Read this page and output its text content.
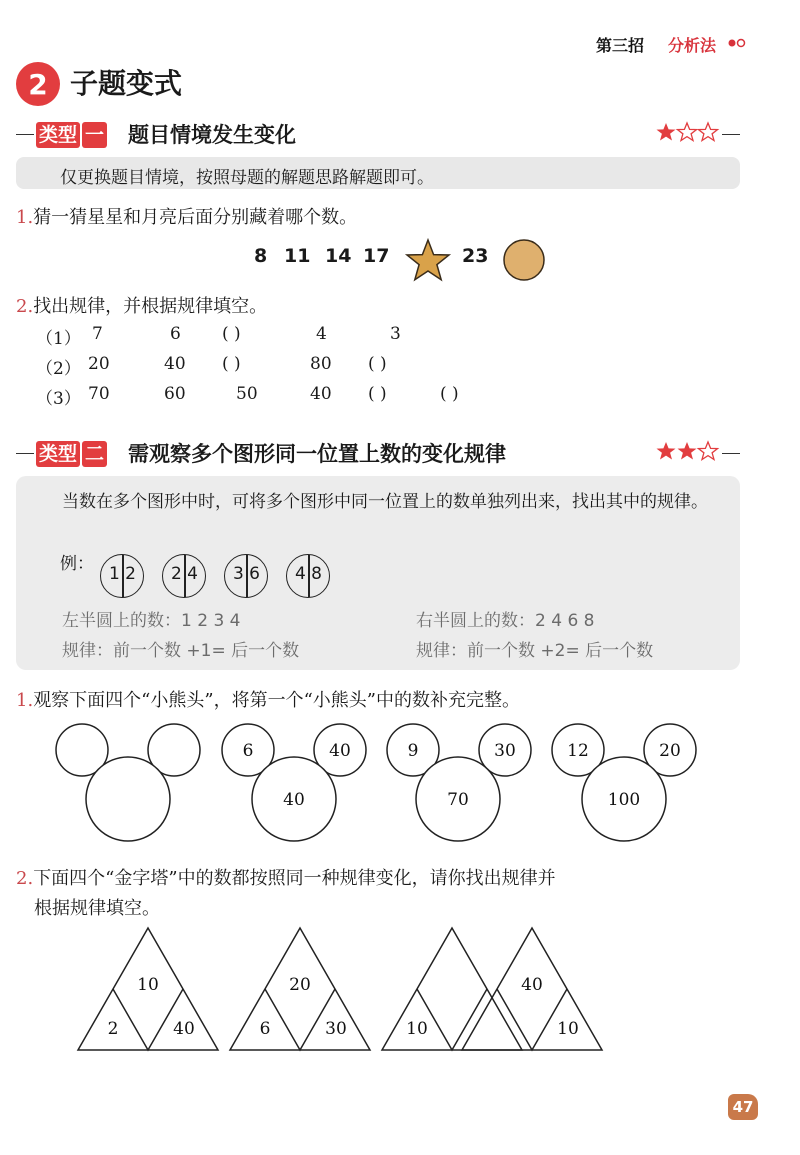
第三招 分析法
2 子题变式
类型 一 题目情境发生变化
仅更换题目情境，按照母题的解题思路解题即可。
1.猜一猜星星和月亮后面分别藏着哪个数。
8 11 14 17	23
2.找出规律，并根据规律填空。
（1） 7	6 ( )	4	3
（2） 20	40 ( )	80 ( )
（3） 70	60	50	40 ( )	( )
类型 二 需观察多个图形同一位置上数的变化规律
当数在多个图形中时，可将多个图形中同一位置上的数单独列出来，找出其中的规律。
例： 1 2 2 4 3 6 4 8
左半圆上的数：1 2 3 4
规律：前一个数 +1= 后一个数
右半圆上的数：2 4 6 8
规律：前一个数 +2= 后一个数
1.观察下面四个“小熊头”，将第一个“小熊头”中的数补充完整。
6	40
40
9	30
70
12	20
100
2.下面四个“金字塔”中的数都按照同一种规律变化，请你找出规律并
根据规律填空。
10
2	40
20
6	30	10
40
10
47
